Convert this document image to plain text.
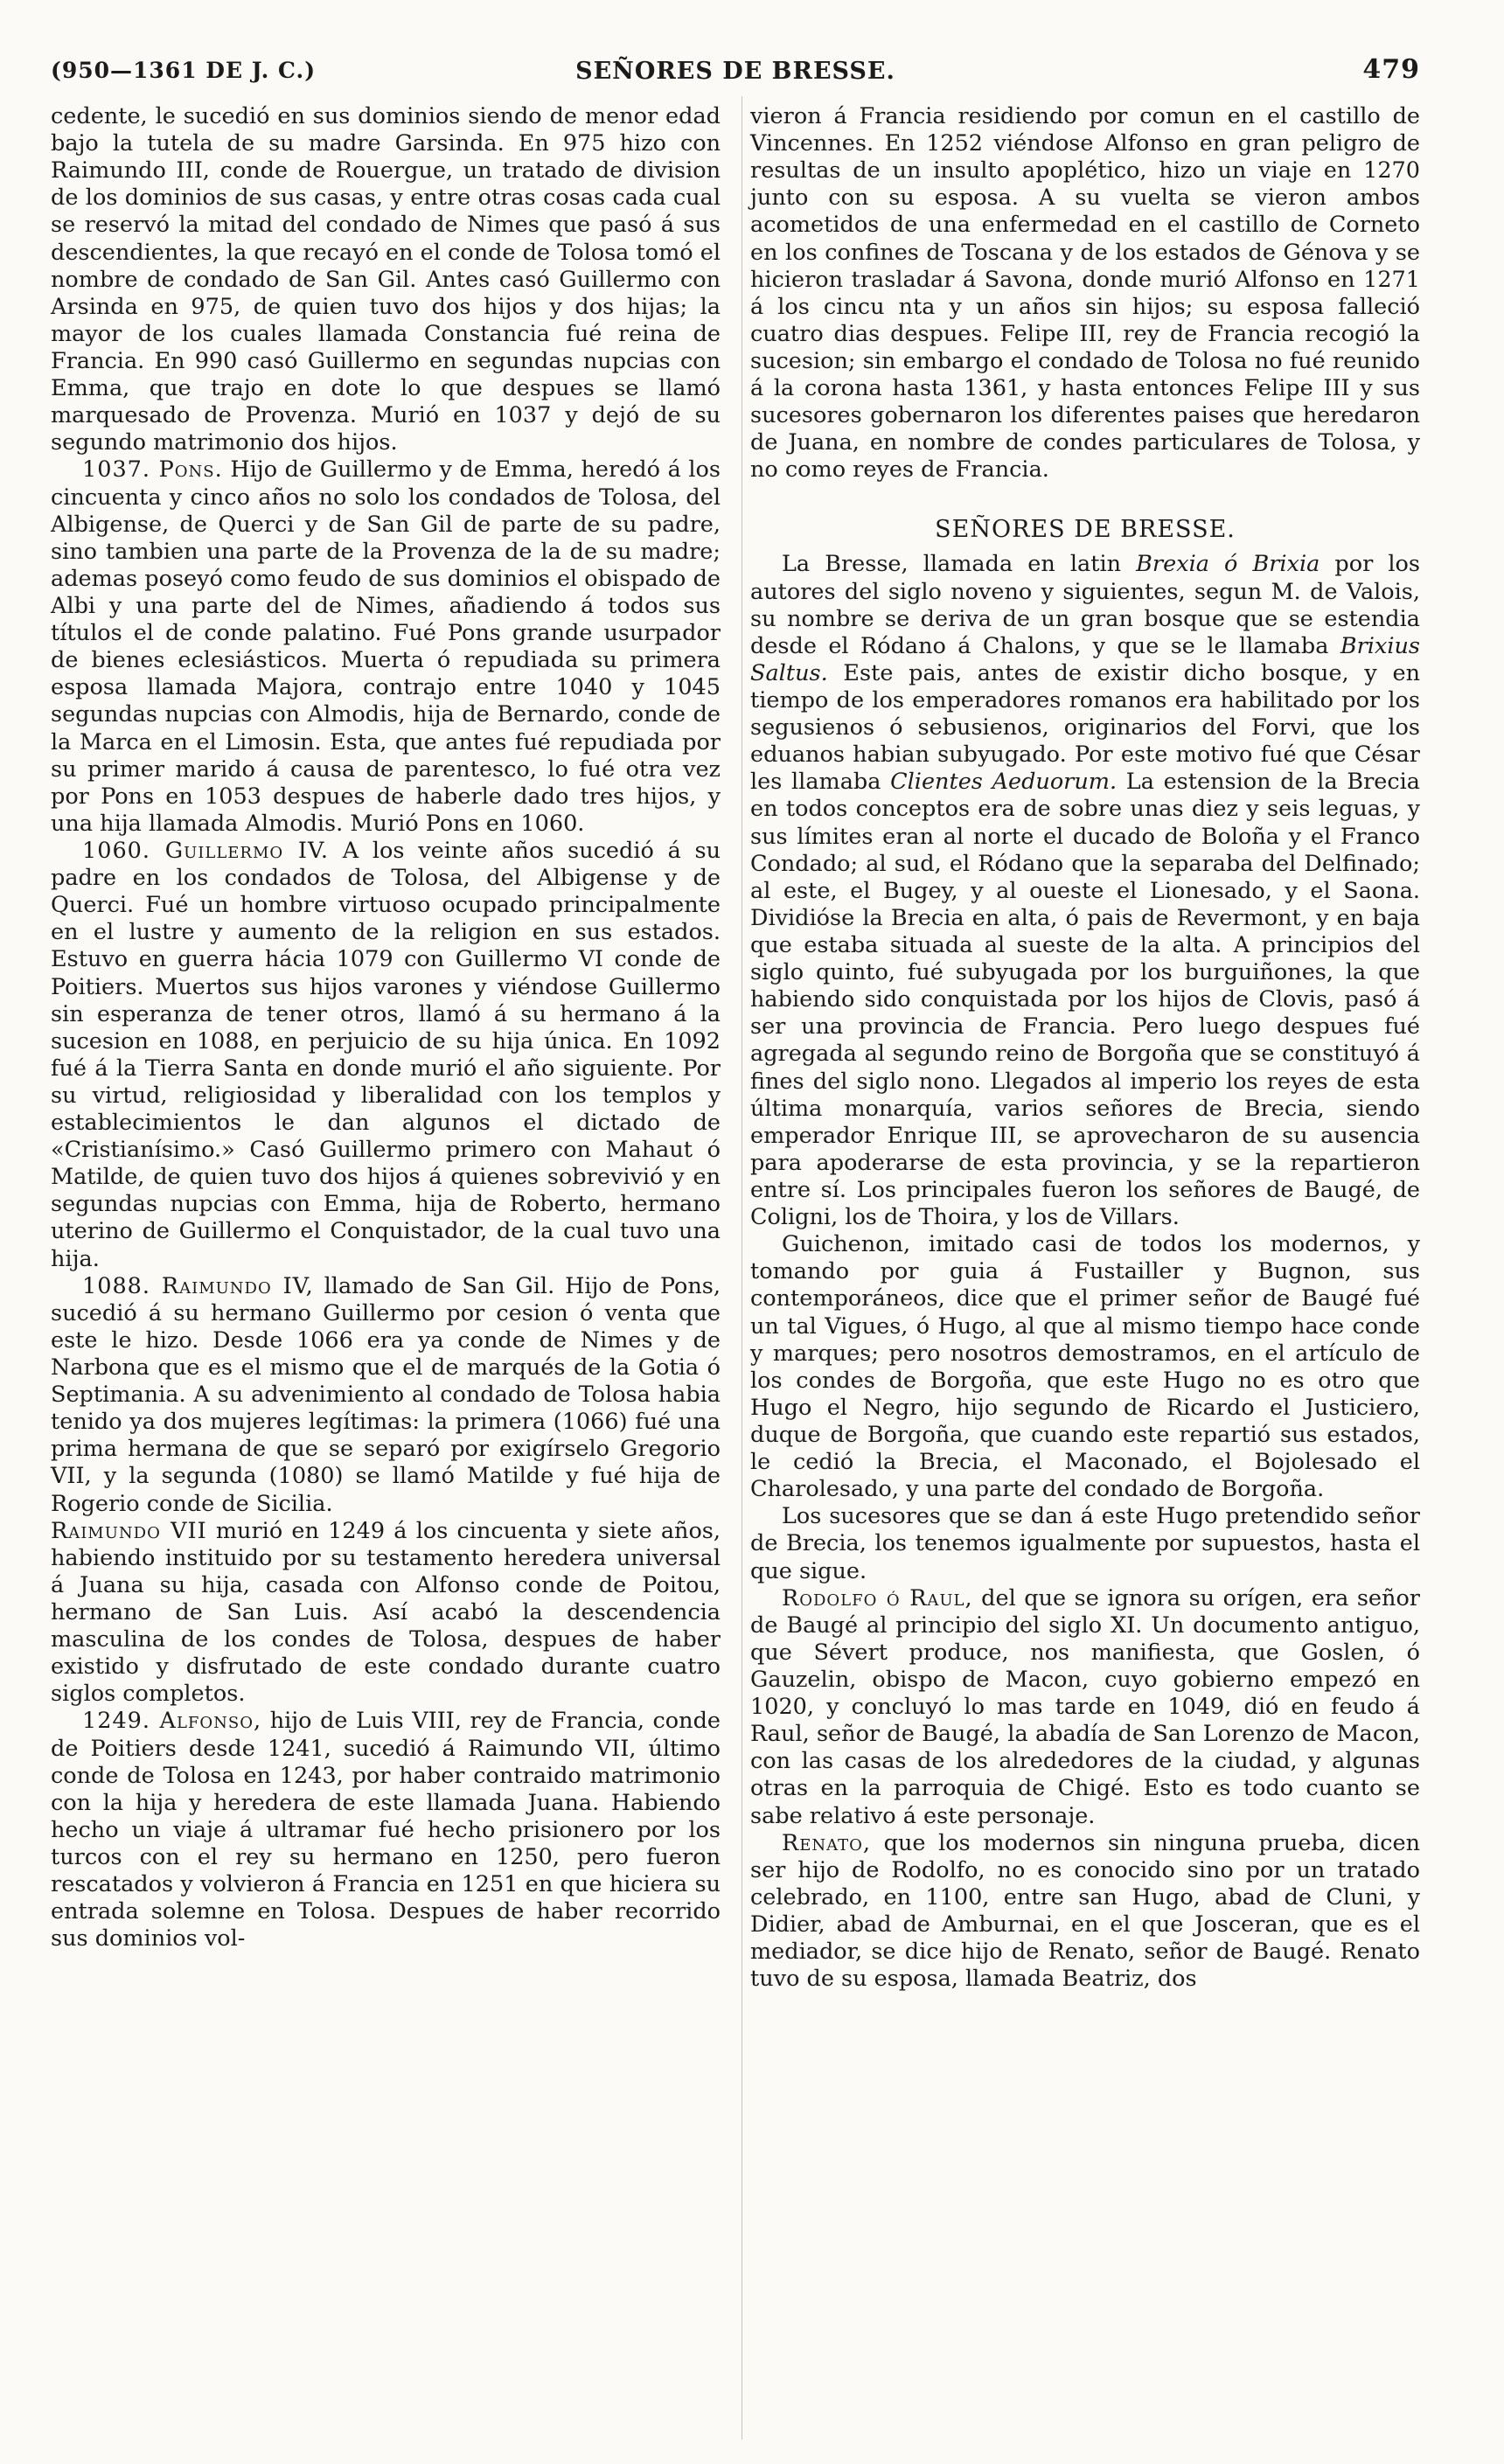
(950—1361 DE J. C.)	SEÑORES DE BRESSE.	479

cedente, le sucedió en sus dominios siendo de menor edad bajo la tutela de su madre Garsinda. En 975 hizo con Raimundo III, conde de Rouergue, un tratado de division de los dominios de sus casas, y entre otras cosas cada cual se reservó la mitad del condado de Nimes que pasó á sus descendientes, la que recayó en el conde de Tolosa tomó el nombre de condado de San Gil. Antes casó Guillermo con Arsinda en 975, de quien tuvo dos hijos y dos hijas; la mayor de los cuales llamada Constancia fué reina de Francia. En 990 casó Guillermo en segundas nupcias con Emma, que trajo en dote lo que despues se llamó marquesado de Provenza. Murió en 1037 y dejó de su segundo matrimonio dos hijos.

1037. Pons. Hijo de Guillermo y de Emma, heredó á los cincuenta y cinco años no solo los condados de Tolosa, del Albigense, de Querci y de San Gil de parte de su padre, sino tambien una parte de la Provenza de la de su madre; ademas poseyó como feudo de sus dominios el obispado de Albi y una parte del de Nimes, añadiendo á todos sus títulos el de conde palatino. Fué Pons grande usurpador de bienes eclesiásticos. Muerta ó repudiada su primera esposa llamada Majora, contrajo entre 1040 y 1045 segundas nupcias con Almodis, hija de Bernardo, conde de la Marca en el Limosin. Esta, que antes fué repudiada por su primer marido á causa de parentesco, lo fué otra vez por Pons en 1053 despues de haberle dado tres hijos, y una hija llamada Almodis. Murió Pons en 1060.

1060. Guillermo IV. A los veinte años sucedió á su padre en los condados de Tolosa, del Albigense y de Querci. Fué un hombre virtuoso ocupado principalmente en el lustre y aumento de la religion en sus estados. Estuvo en guerra hácia 1079 con Guillermo VI conde de Poitiers. Muertos sus hijos varones y viéndose Guillermo sin esperanza de tener otros, llamó á su hermano á la sucesion en 1088, en perjuicio de su hija única. En 1092 fué á la Tierra Santa en donde murió el año siguiente. Por su virtud, religiosidad y liberalidad con los templos y establecimientos le dan algunos el dictado de «Cristianísimo.» Casó Guillermo primero con Mahaut ó Matilde, de quien tuvo dos hijos á quienes sobrevivió y en segundas nupcias con Emma, hija de Roberto, hermano uterino de Guillermo el Conquistador, de la cual tuvo una hija.

1088. Raimundo IV, llamado de San Gil. Hijo de Pons, sucedió á su hermano Guillermo por cesion ó venta que este le hizo. Desde 1066 era ya conde de Nimes y de Narbona que es el mismo que el de marqués de la Gotia ó Septimania. A su advenimiento al condado de Tolosa habia tenido ya dos mujeres legítimas: la primera (1066) fué una prima hermana de que se separó por exigírselo Gregorio VII, y la segunda (1080) se llamó Matilde y fué hija de Rogerio conde de Sicilia.

Raimundo VII murió en 1249 á los cincuenta y siete años, habiendo instituido por su testamento heredera universal á Juana su hija, casada con Alfonso conde de Poitou, hermano de San Luis. Así acabó la descendencia masculina de los condes de Tolosa, despues de haber existido y disfrutado de este condado durante cuatro siglos completos.

1249. Alfonso, hijo de Luis VIII, rey de Francia, conde de Poitiers desde 1241, sucedió á Raimundo VII, último conde de Tolosa en 1243, por haber contraido matrimonio con la hija y heredera de este llamada Juana. Habiendo hecho un viaje á ultramar fué hecho prisionero por los turcos con el rey su hermano en 1250, pero fueron rescatados y volvieron á Francia en 1251 en que hiciera su entrada solemne en Tolosa. Despues de haber recorrido sus dominios vol-

vieron á Francia residiendo por comun en el castillo de Vincennes. En 1252 viéndose Alfonso en gran peligro de resultas de un insulto apoplético, hizo un viaje en 1270 junto con su esposa. A su vuelta se vieron ambos acometidos de una enfermedad en el castillo de Corneto en los confines de Toscana y de los estados de Génova y se hicieron trasladar á Savona, donde murió Alfonso en 1271 á los cincu nta y un años sin hijos; su esposa falleció cuatro dias despues. Felipe III, rey de Francia recogió la sucesion; sin embargo el condado de Tolosa no fué reunido á la corona hasta 1361, y hasta entonces Felipe III y sus sucesores gobernaron los diferentes paises que heredaron de Juana, en nombre de condes particulares de Tolosa, y no como reyes de Francia.

SEÑORES DE BRESSE.

La Bresse, llamada en latin Brexia ó Brixia por los autores del siglo noveno y siguientes, segun M. de Valois, su nombre se deriva de un gran bosque que se estendia desde el Ródano á Chalons, y que se le llamaba Brixius Saltus. Este pais, antes de existir dicho bosque, y en tiempo de los emperadores romanos era habilitado por los segusienos ó sebusienos, originarios del Forvi, que los eduanos habian subyugado. Por este motivo fué que César les llamaba Clientes Aeduorum. La estension de la Brecia en todos conceptos era de sobre unas diez y seis leguas, y sus límites eran al norte el ducado de Boloña y el Franco Condado; al sud, el Ródano que la separaba del Delfinado; al este, el Bugey, y al oueste el Lionesado, y el Saona. Dividióse la Brecia en alta, ó pais de Revermont, y en baja que estaba situada al sueste de la alta. A principios del siglo quinto, fué subyugada por los burguiñones, la que habiendo sido conquistada por los hijos de Clovis, pasó á ser una provincia de Francia. Pero luego despues fué agregada al segundo reino de Borgoña que se constituyó á fines del siglo nono. Llegados al imperio los reyes de esta última monarquía, varios señores de Brecia, siendo emperador Enrique III, se aprovecharon de su ausencia para apoderarse de esta provincia, y se la repartieron entre sí. Los principales fueron los señores de Baugé, de Coligni, los de Thoira, y los de Villars.

Guichenon, imitado casi de todos los modernos, y tomando por guia á Fustailler y Bugnon, sus contemporáneos, dice que el primer señor de Baugé fué un tal Vigues, ó Hugo, al que al mismo tiempo hace conde y marques; pero nosotros demostramos, en el artículo de los condes de Borgoña, que este Hugo no es otro que Hugo el Negro, hijo segundo de Ricardo el Justiciero, duque de Borgoña, que cuando este repartió sus estados, le cedió la Brecia, el Maconado, el Bojolesado el Charolesado, y una parte del condado de Borgoña.

Los sucesores que se dan á este Hugo pretendido señor de Brecia, los tenemos igualmente por supuestos, hasta el que sigue.

Rodolfo ó Raul, del que se ignora su orígen, era señor de Baugé al principio del siglo XI. Un documento antiguo, que Sévert produce, nos manifiesta, que Goslen, ó Gauzelin, obispo de Macon, cuyo gobierno empezó en 1020, y concluyó lo mas tarde en 1049, dió en feudo á Raul, señor de Baugé, la abadía de San Lorenzo de Macon, con las casas de los alrededores de la ciudad, y algunas otras en la parroquia de Chigé. Esto es todo cuanto se sabe relativo á este personaje.

Renato, que los modernos sin ninguna prueba, dicen ser hijo de Rodolfo, no es conocido sino por un tratado celebrado, en 1100, entre san Hugo, abad de Cluni, y Didier, abad de Amburnai, en el que Josceran, que es el mediador, se dice hijo de Renato, señor de Baugé. Renato tuvo de su esposa, llamada Beatriz, dos
